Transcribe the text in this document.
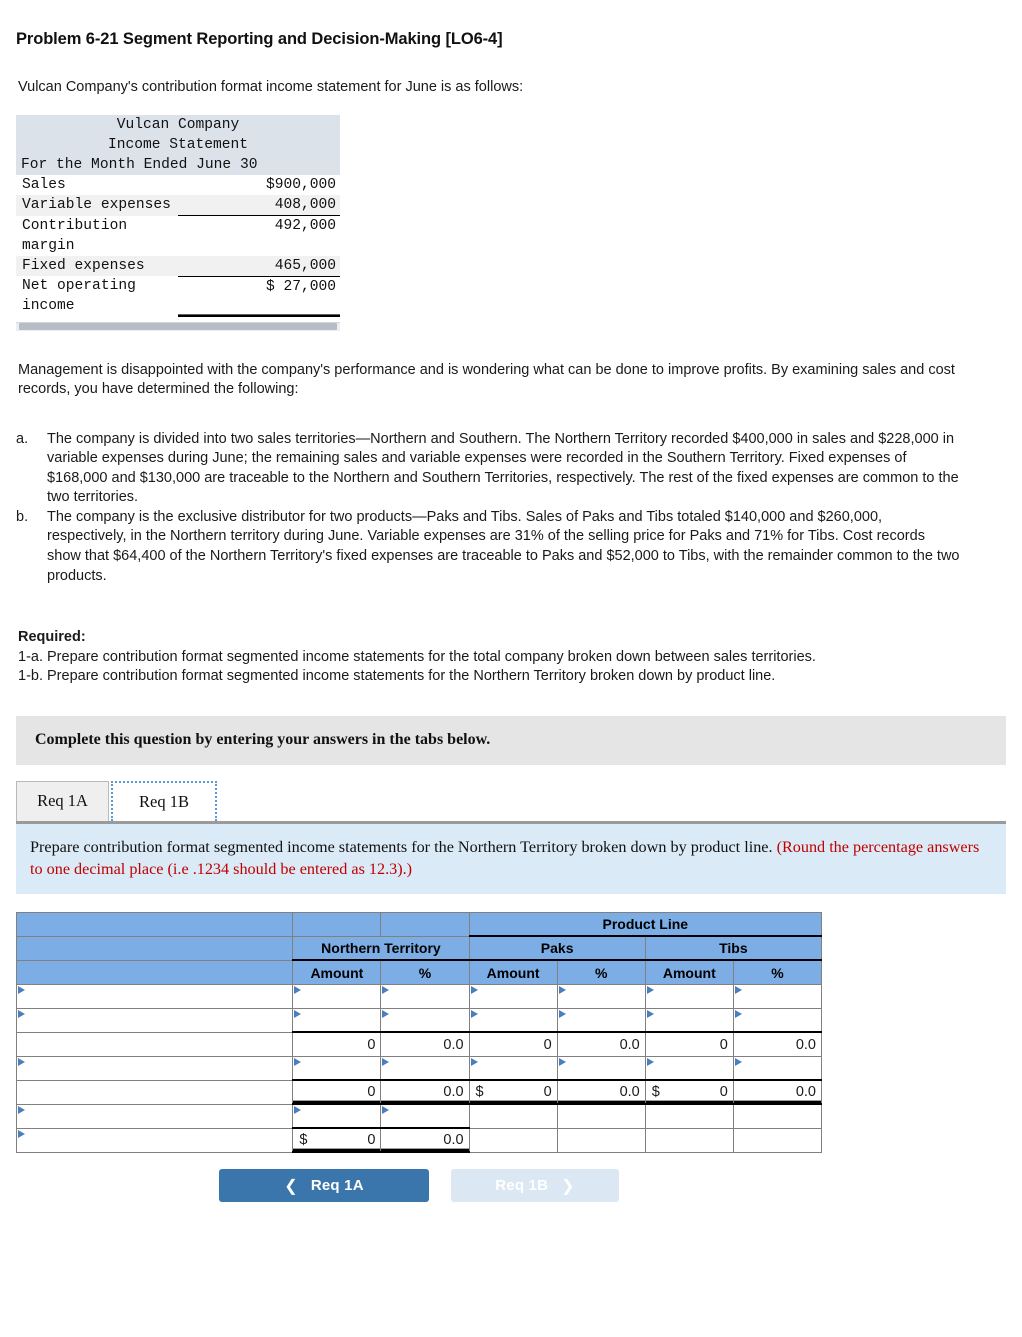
Problem 6-21 Segment Reporting and Decision-Making [LO6-4]
Vulcan Company's contribution format income statement for June is as follows:
Vulcan Company	
Income Statement	
For the Month Ended June 30	
Sales	$900,000
Variable expenses	408,000
Contribution margin	492,000
Fixed expenses	465,000
Net operating income	$ 27,000
Management is disappointed with the company's performance and is wondering what can be done to improve profits. By examining sales and cost records, you have determined the following:
a. The company is divided into two sales territories—Northern and Southern. The Northern Territory recorded $400,000 in sales and $228,000 in variable expenses during June; the remaining sales and variable expenses were recorded in the Southern Territory. Fixed expenses of $168,000 and $130,000 are traceable to the Northern and Southern Territories, respectively. The rest of the fixed expenses are common to the two territories.
b. The company is the exclusive distributor for two products—Paks and Tibs. Sales of Paks and Tibs totaled $140,000 and $260,000, respectively, in the Northern territory during June. Variable expenses are 31% of the selling price for Paks and 71% for Tibs. Cost records show that $64,400 of the Northern Territory's fixed expenses are traceable to Paks and $52,000 to Tibs, with the remainder common to the two products.
Required:
1-a. Prepare contribution format segmented income statements for the total company broken down between sales territories.
1-b. Prepare contribution format segmented income statements for the Northern Territory broken down by product line.
Complete this question by entering your answers in the tabs below.
Req 1A	Req 1B
Prepare contribution format segmented income statements for the Northern Territory broken down by product line. (Round the percentage answers to one decimal place (i.e .1234 should be entered as 12.3).)
			Product Line			
	Northern Territory		Paks		Tibs	
	Amount	%	Amount	%	Amount	%

	0	0.0	0	0.0	0	0.0

	0	0.0	$ 0	0.0	$ 0	0.0

	$ 0	0.0				
❮ Req 1A	Req 1B ❯
